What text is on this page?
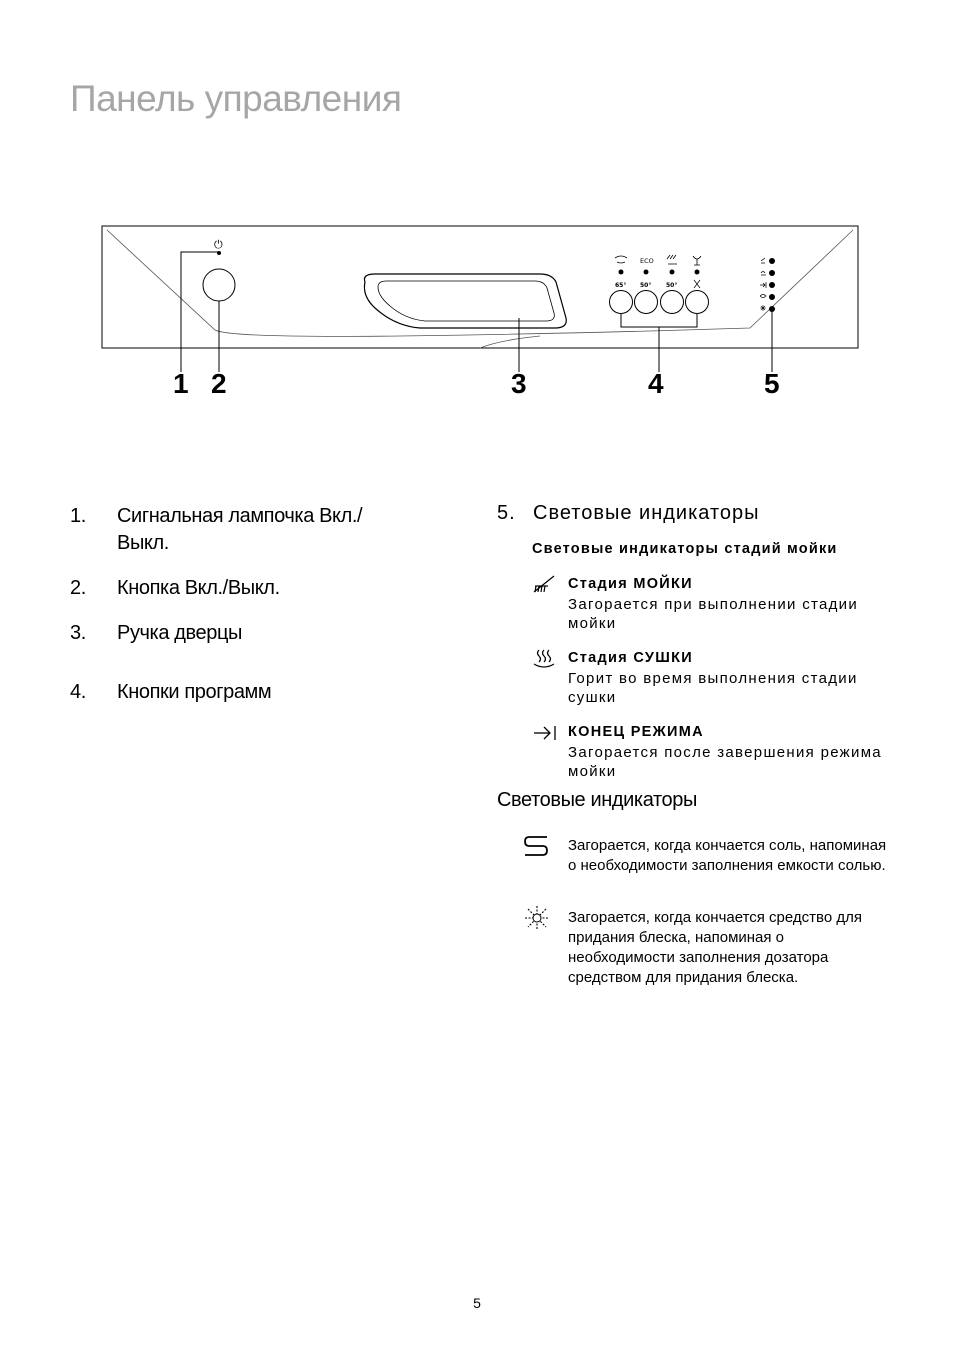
Панель управления
⏻
ECO
65° 50° 50°
1 2	3	4	5
1. Сигнальная лампочка Вкл./Выкл.
2. Кнопка Вкл./Выкл.
3. Ручка дверцы
4. Кнопки программ
5. Световые индикаторы
Световые индикаторы стадий мойки
Стадия МОЙКИ
Загорается при выполнении стадии мойки
Стадия СУШКИ
Горит во время выполнения стадии сушки
КОНЕЦ РЕЖИМА
Загорается после завершения режима мойки
Световые индикаторы
Загорается, когда кончается соль, напоминая о необходимости заполнения емкости солью.
Загорается, когда кончается средство для придания блеска, напоминая о необходимости заполнения дозатора средством для придания блеска.
5
